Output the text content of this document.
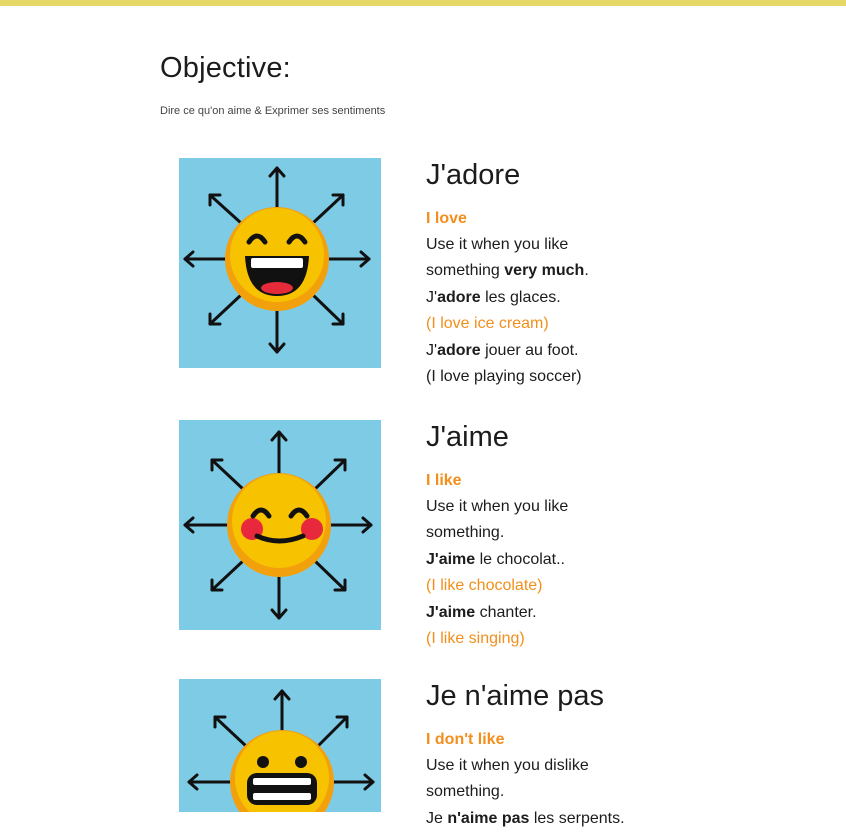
Objective:

Dire ce qu'on aime & Exprimer ses sentiments

J'adore
I love
Use it when you like
something very much.
J'adore les glaces.
(I love ice cream)
J'adore jouer au foot.
(I love playing soccer)
J'aime
I like
Use it when you like
something.
J'aime le chocolat..
(I like chocolate)
J'aime chanter.
(I like singing)
Je n'aime pas
I don't like
Use it when you dislike
something.
Je n'aime pas les serpents.
